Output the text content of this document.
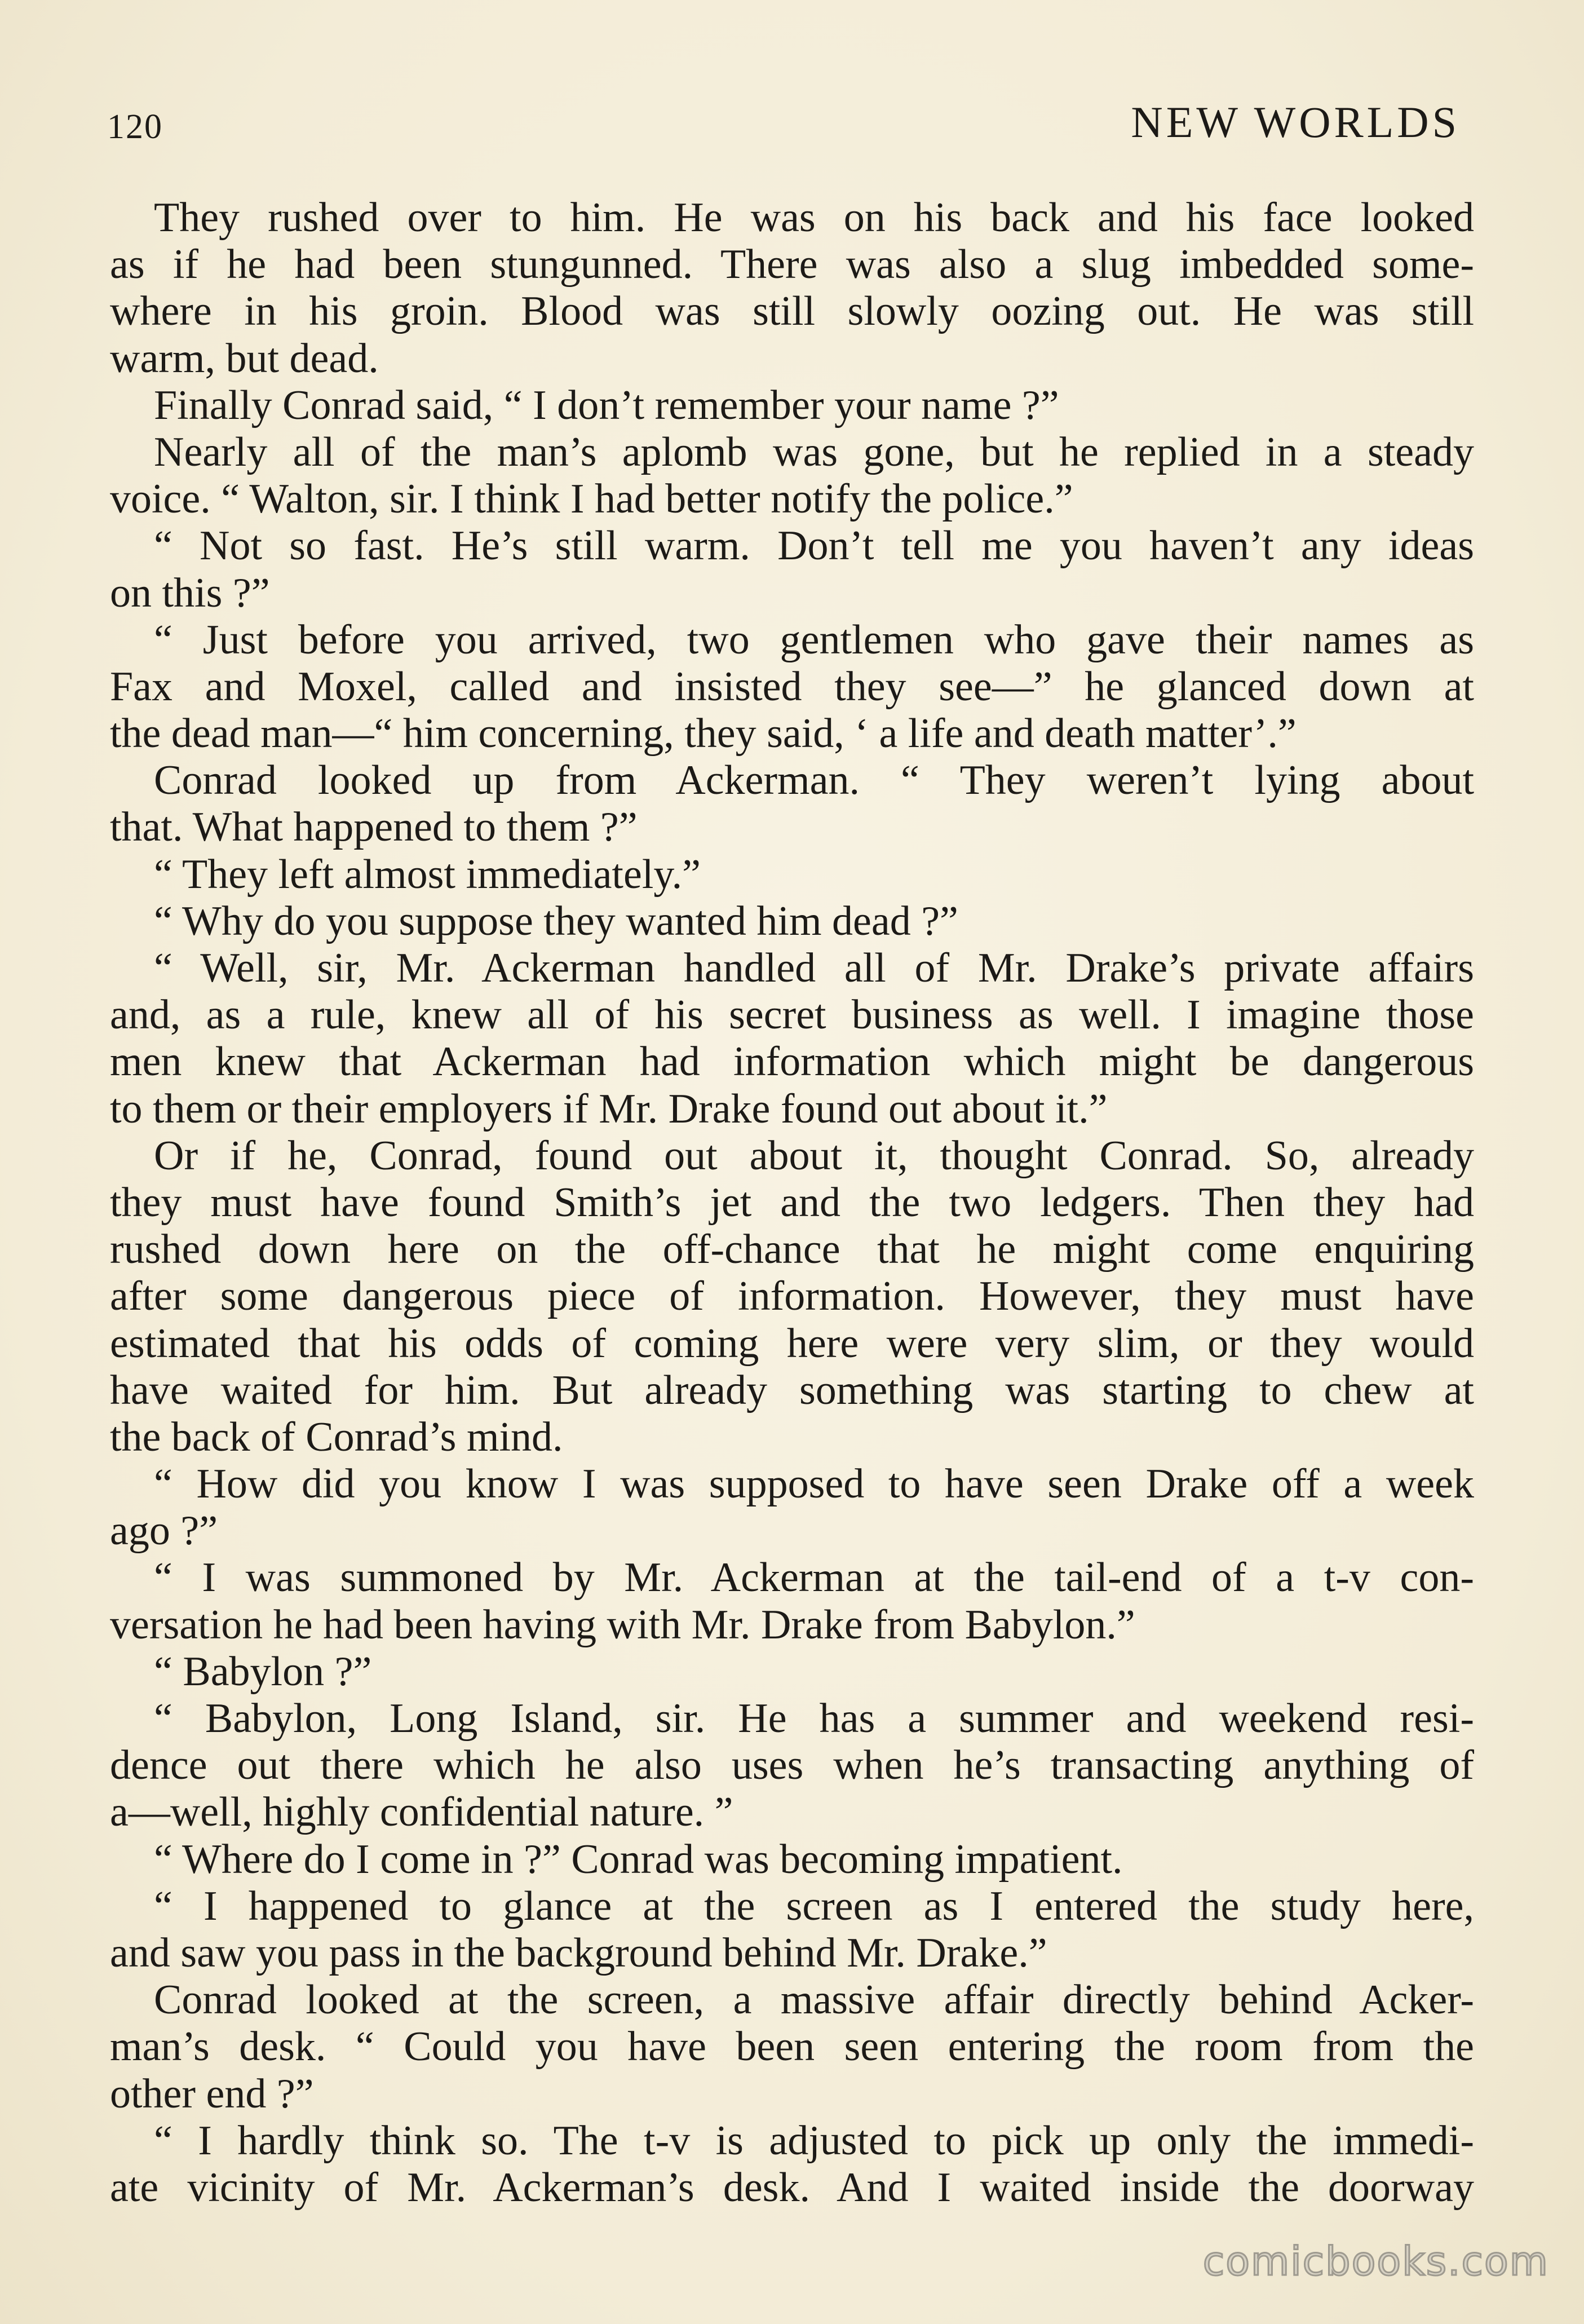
120	NEW WORLDS
They rushed over to him. He was on his back and his face looked
as if he had been stungunned. There was also a slug imbedded some-
where in his groin. Blood was still slowly oozing out. He was still
warm, but dead.
Finally Conrad said, “ I don’t remember your name ?”
Nearly all of the man’s aplomb was gone, but he replied in a steady
voice. “ Walton, sir. I think I had better notify the police.”
“ Not so fast. He’s still warm. Don’t tell me you haven’t any ideas
on this ?”
“ Just before you arrived, two gentlemen who gave their names as
Fax and Moxel, called and insisted they see—” he glanced down at
the dead man—“ him concerning, they said, ‘ a life and death matter’.”
Conrad looked up from Ackerman. “ They weren’t lying about
that. What happened to them ?”
“ They left almost immediately.”
“ Why do you suppose they wanted him dead ?”
“ Well, sir, Mr. Ackerman handled all of Mr. Drake’s private affairs
and, as a rule, knew all of his secret business as well. I imagine those
men knew that Ackerman had information which might be dangerous
to them or their employers if Mr. Drake found out about it.”
Or if he, Conrad, found out about it, thought Conrad. So, already
they must have found Smith’s jet and the two ledgers. Then they had
rushed down here on the off-chance that he might come enquiring
after some dangerous piece of information. However, they must have
estimated that his odds of coming here were very slim, or they would
have waited for him. But already something was starting to chew at
the back of Conrad’s mind.
“ How did you know I was supposed to have seen Drake off a week
ago ?”
“ I was summoned by Mr. Ackerman at the tail-end of a t-v con-
versation he had been having with Mr. Drake from Babylon.”
“ Babylon ?”
“ Babylon, Long Island, sir. He has a summer and weekend resi-
dence out there which he also uses when he’s transacting anything of
a—well, highly confidential nature. ”
“ Where do I come in ?” Conrad was becoming impatient.
“ I happened to glance at the screen as I entered the study here,
and saw you pass in the background behind Mr. Drake.”
Conrad looked at the screen, a massive affair directly behind Acker-
man’s desk. “ Could you have been seen entering the room from the
other end ?”
“ I hardly think so. The t-v is adjusted to pick up only the immedi-
ate vicinity of Mr. Ackerman’s desk. And I waited inside the doorway
comicbooks.com
